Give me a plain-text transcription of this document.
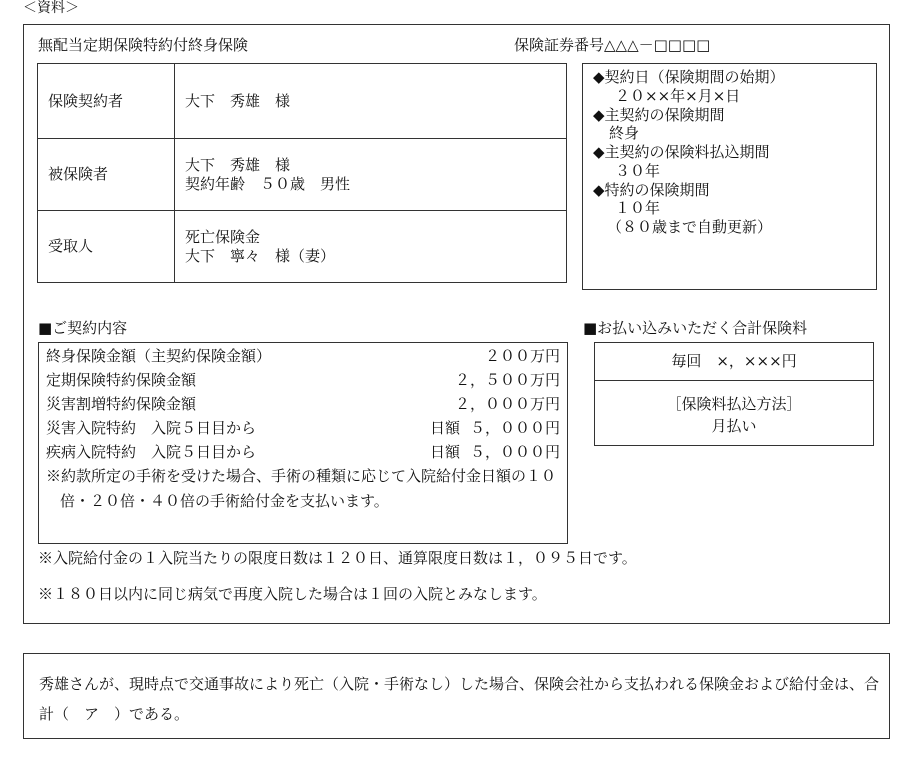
＜資料＞
無配当定期保険特約付終身保険	保険証券番号△△△－□□□□
保険契約者	大下　秀雄　様

被保険者	大下　秀雄　様
契約年齢　５０歳　男性

受取人	死亡保険金
大下　寧々　様（妻）
◆契約日（保険期間の始期）
２０××年×月×日
◆主契約の保険期間
終身
◆主契約の保険料払込期間
３０年
◆特約の保険期間
１０年
（８０歳まで自動更新）
■ご契約内容
終身保険金額（主契約保険金額）	２００万円
定期保険特約保険金額	２，５００万円
災害割増特約保険金額	２，０００万円
災害入院特約　入院５日目から	日額 ５，０００円
疾病入院特約　入院５日目から	日額 ５，０００円
※約款所定の手術を受けた場合、手術の種類に応じて入院給付金日額の１０倍・２０倍・４０倍の手術給付金を支払います。
■お払い込みいただく合計保険料
毎回　×，×××円
［保険料払込方法］
月払い
※入院給付金の１入院当たりの限度日数は１２０日、通算限度日数は１，０９５日です。
※１８０日以内に同じ病気で再度入院した場合は１回の入院とみなします。
秀雄さんが、現時点で交通事故により死亡（入院・手術なし）した場合、保険会社から支払われる保険金および給付金は、合計（　ア　）である。
